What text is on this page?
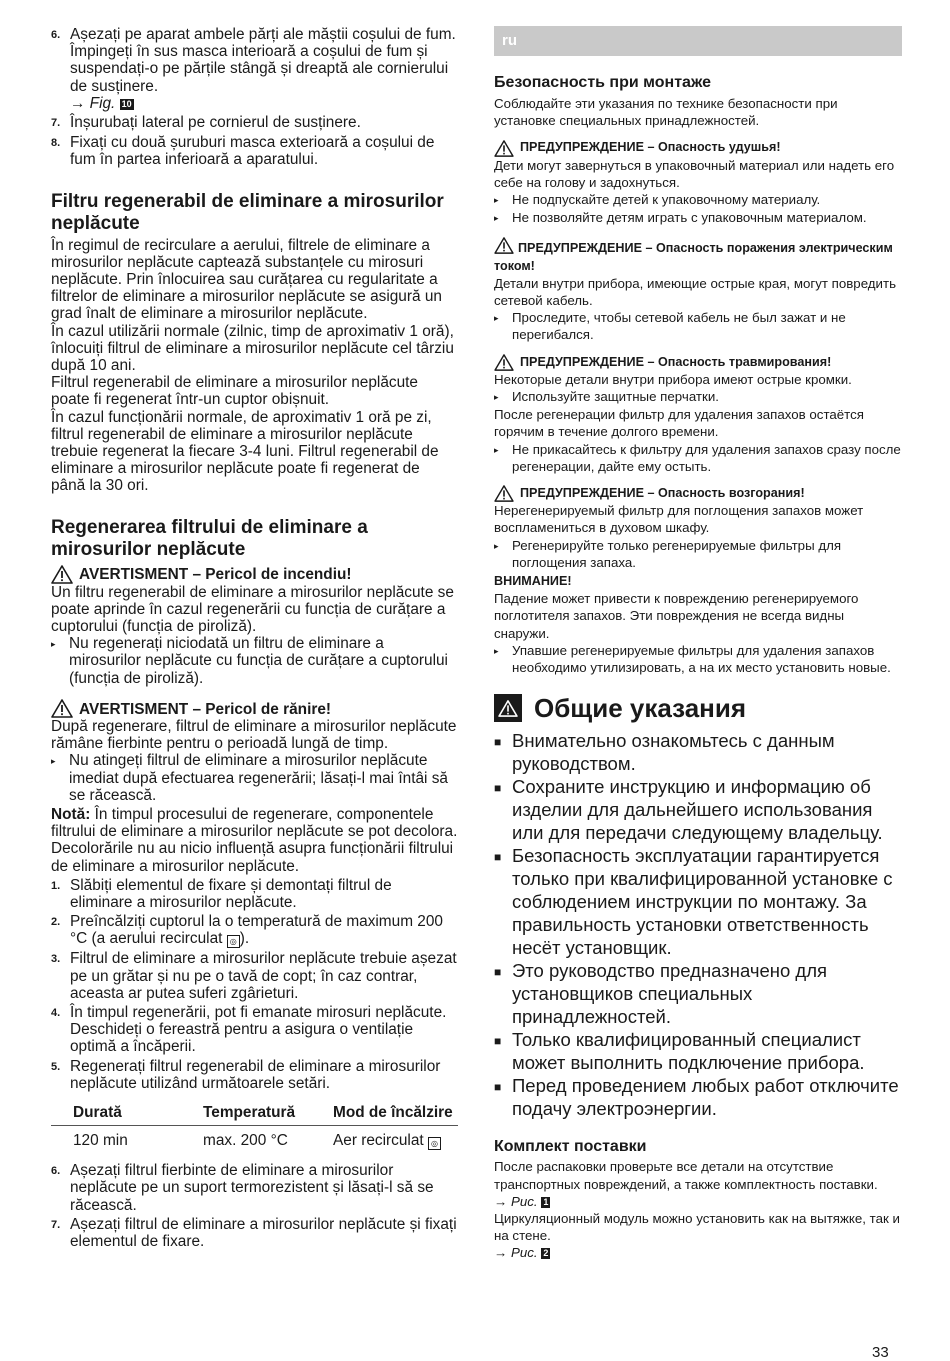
6. Așezați pe aparat ambele părți ale măștii coșului de fum. Împingeți în sus masca interioară a coșului de fum și suspendați-o pe părțile stângă și dreaptă ale cornierului de susținere.
→ Fig. 10
7. Înșurubați lateral pe cornierul de susținere.
8. Fixați cu două șuruburi masca exterioară a coșului de fum în partea inferioară a aparatului.
Filtru regenerabil de eliminare a mirosurilor neplăcute

În regimul de recirculare a aerului, filtrele de eliminare a mirosurilor neplăcute captează substanțele cu mirosuri neplăcute. Prin înlocuirea sau curățarea cu regularitate a filtrelor de eliminare a mirosurilor neplăcute se asigură un grad înalt de eliminare a mirosurilor neplăcute.

În cazul utilizării normale (zilnic, timp de aproximativ 1 oră), înlocuiți filtrul de eliminare a mirosurilor neplăcute cel târziu după 10 ani.

Filtrul regenerabil de eliminare a mirosurilor neplăcute poate fi regenerat într-un cuptor obișnuit.

În cazul funcționării normale, de aproximativ 1 oră pe zi, filtrul regenerabil de eliminare a mirosurilor neplăcute trebuie regenerat la fiecare 3-4 luni. Filtrul regenerabil de eliminare a mirosurilor neplăcute poate fi regenerat de până la 30 ori.

Regenerarea filtrului de eliminare a mirosurilor neplăcute
AVERTISMENT – Pericol de incendiu!

Un filtru regenerabil de eliminare a mirosurilor neplăcute se poate aprinde în cazul regenerării cu funcția de curățare a cuptorului (funcția de piroliză).

▸ Nu regenerați niciodată un filtru de eliminare a mirosurilor neplăcute cu funcția de curățare a cuptorului (funcția de piroliză).
AVERTISMENT – Pericol de rănire!

După regenerare, filtrul de eliminare a mirosurilor neplăcute rămâne fierbinte pentru o perioadă lungă de timp.

▸ Nu atingeți filtrul de eliminare a mirosurilor neplăcute imediat după efectuarea regenerării; lăsați-l mai întâi să se răcească.

Notă: În timpul procesului de regenerare, componentele filtrului de eliminare a mirosurilor neplăcute se pot decolora. Decolorările nu au nicio influență asupra funcționării filtrului de eliminare a mirosurilor neplăcute.

1. Slăbiți elementul de fixare și demontați filtrul de eliminare a mirosurilor neplăcute.
2. Preîncălziți cuptorul la o temperatură de maximum 200 °C (a aerului recirculat ◎ ).
3. Filtrul de eliminare a mirosurilor neplăcute trebuie așezat pe un grătar și nu pe o tavă de copt; în caz contrar, aceasta ar putea suferi zgârieturi.
4. În timpul regenerării, pot fi emanate mirosuri neplăcute. Deschideți o fereastră pentru a asigura o ventilație optimă a încăperii.
5. Regenerați filtrul regenerabil de eliminare a mirosurilor neplăcute utilizând următoarele setări.
Durată	Temperatură	Mod de încălzire
120 min	max. 200 °C	Aer recirculat ◎
6. Așezați filtrul fierbinte de eliminare a mirosurilor neplăcute pe un suport termorezistent și lăsați-l să se răcească.
7. Așezați filtrul de eliminare a mirosurilor neplăcute și fixați elementul de fixare.
ru
Безопасность при монтаже

Соблюдайте эти указания по технике безопасности при установке специальных принадлежностей.

ПРЕДУПРЕЖДЕНИЕ – Опасность удушья!

Дети могут завернуться в упаковочный материал или надеть его себе на голову и задохнуться.

▸	Не подпускайте детей к упаковочному материалу.
▸	Не позволяйте детям играть с упаковочным материалом.
ПРЕДУПРЕЖДЕНИЕ – Опасность поражения электрическим током!

Детали внутри прибора, имеющие острые края, могут повредить сетевой кабель.

▸	Проследите, чтобы сетевой кабель не был зажат и не перегибался.
ПРЕДУПРЕЖДЕНИЕ – Опасность травмирования!

Некоторые детали внутри прибора имеют острые кромки.

▸	Используйте защитные перчатки.

После регенерации фильтр для удаления запахов остаётся горячим в течение долгого времени.

▸	Не прикасайтесь к фильтру для удаления запахов сразу после регенерации, дайте ему остыть.
ПРЕДУПРЕЖДЕНИЕ – Опасность возгорания!

Нерегенерируемый фильтр для поглощения запахов может воспламениться в духовом шкафу.

▸	Регенерируйте только регенерируемые фильтры для поглощения запаха.
ВНИМАНИЕ!

Падение может привести к повреждению регенерируемого поглотителя запахов. Эти повреждения не всегда видны снаружи.

▸	Упавшие регенерируемые фильтры для удаления запахов необходимо утилизировать, а на их место установить новые.
Общие указания
■ Внимательно ознакомьтесь с данным руководством.
■ Сохраните инструкцию и информацию об изделии для дальнейшего использования или для передачи следующему владельцу.
■ Безопасность эксплуатации гарантируется только при квалифицированной установке с соблюдением инструкции по монтажу. За правильность установки ответственность несёт установщик.
■ Это руководство предназначено для установщиков специальных принадлежностей.
■ Только квалифицированный специалист может выполнить подключение прибора.
■ Перед проведением любых работ отключите подачу электроэнергии.
Комплект поставки

После распаковки проверьте все детали на отсутствие транспортных повреждений, а также комплектность поставки.

→ Рис. 1

Циркуляционный модуль можно установить как на вытяжке, так и на стене.

→ Рис. 2

33
